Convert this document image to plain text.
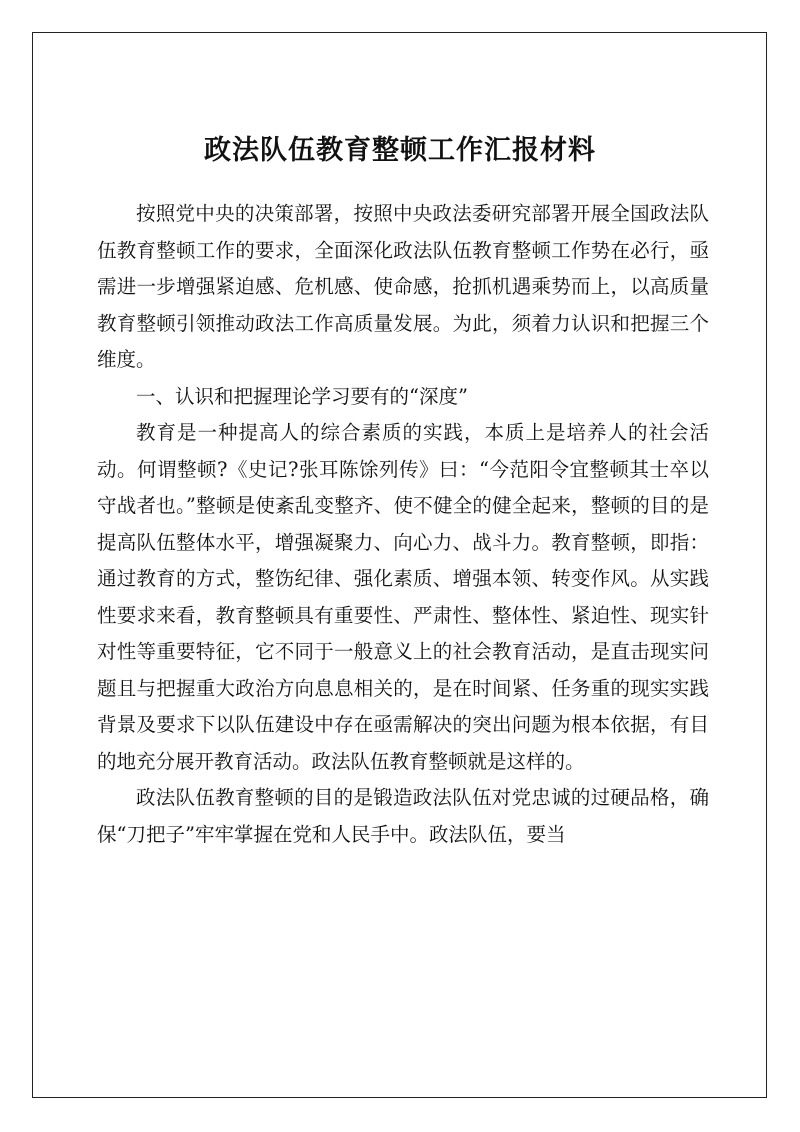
政法队伍教育整顿工作汇报材料

按照党中央的决策部署，按照中央政法委研究部署开展全国政法队伍教育整顿工作的要求，全面深化政法队伍教育整顿工作势在必行，亟需进一步增强紧迫感、危机感、使命感，抢抓机遇乘势而上，以高质量教育整顿引领推动政法工作高质量发展。为此，须着力认识和把握三个维度。

一、认识和把握理论学习要有的“深度”

教育是一种提高人的综合素质的实践，本质上是培养人的社会活动。何谓整顿?《史记?张耳陈馀列传》曰：“今范阳令宜整顿其士卒以守战者也。”整顿是使紊乱变整齐、使不健全的健全起来，整顿的目的是提高队伍整体水平，增强凝聚力、向心力、战斗力。教育整顿，即指：通过教育的方式，整饬纪律、强化素质、增强本领、转变作风。从实践性要求来看，教育整顿具有重要性、严肃性、整体性、紧迫性、现实针对性等重要特征，它不同于一般意义上的社会教育活动，是直击现实问题且与把握重大政治方向息息相关的，是在时间紧、任务重的现实实践背景及要求下以队伍建设中存在亟需解决的突出问题为根本依据，有目的地充分展开教育活动。政法队伍教育整顿就是这样的。

政法队伍教育整顿的目的是锻造政法队伍对党忠诚的过硬品格，确保“刀把子”牢牢掌握在党和人民手中。政法队伍，要当
